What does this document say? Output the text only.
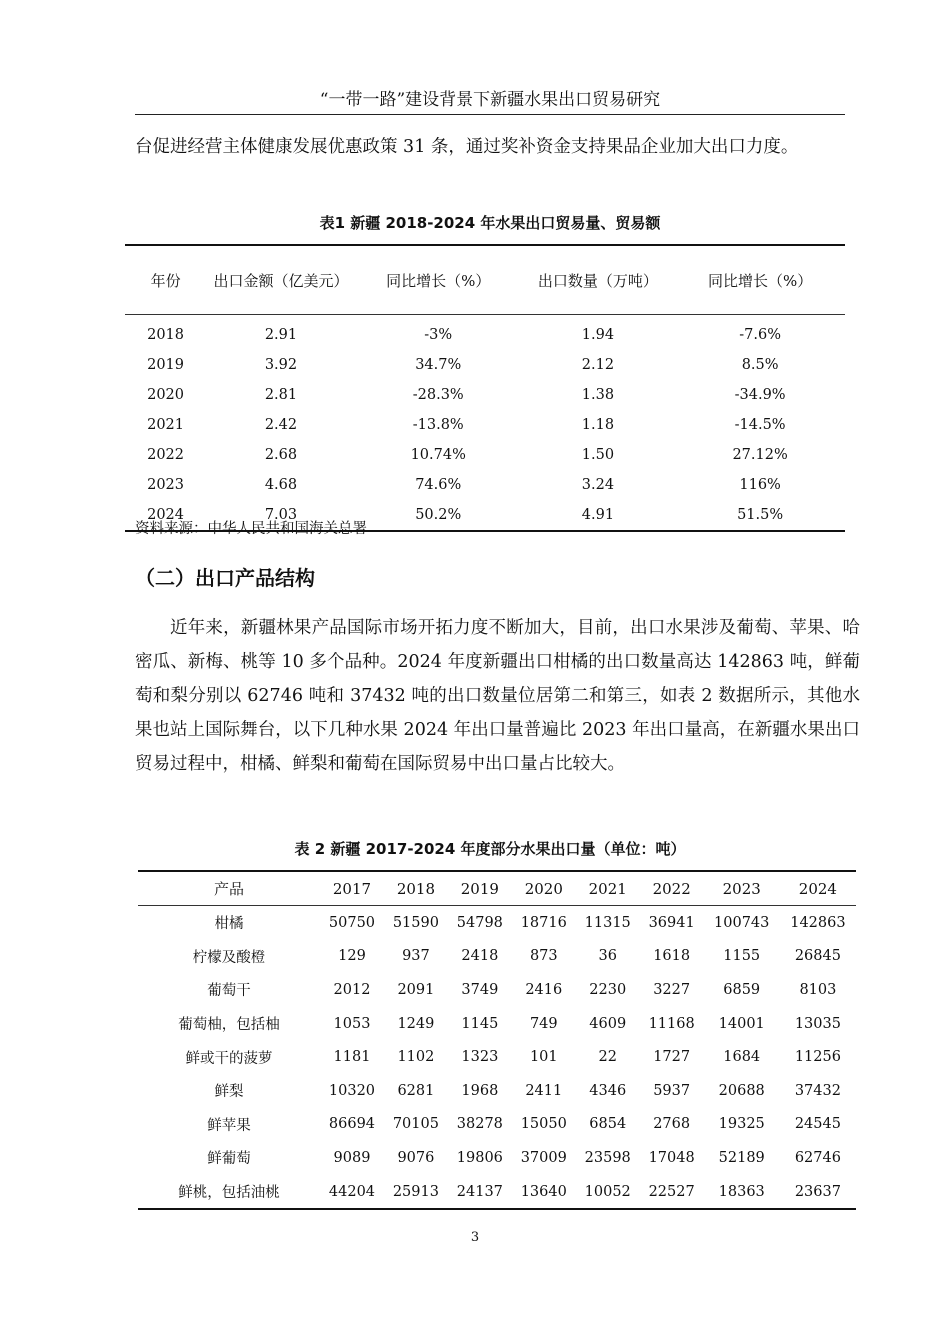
“一带一路”建设背景下新疆水果出口贸易研究

台促进经营主体健康发展优惠政策 31 条，通过奖补资金支持果品企业加大出口力度。

表1 新疆 2018-2024 年水果出口贸易量、贸易额
年份	出口金额（亿美元）	同比增长（%）	出口数量（万吨）	同比增长（%）
2018	2.91	-3%	1.94	-7.6%
2019	3.92	34.7%	2.12	8.5%
2020	2.81	-28.3%	1.38	-34.9%
2021	2.42	-13.8%	1.18	-14.5%
2022	2.68	10.74%	1.50	27.12%
2023	4.68	74.6%	3.24	116%
2024	7.03	50.2%	4.91	51.5%
资料来源：中华人民共和国海关总署
（二）出口产品结构

近年来，新疆林果产品国际市场开拓力度不断加大，目前，出口水果涉及葡萄、苹果、哈密瓜、新梅、桃等 10 多个品种。2024 年度新疆出口柑橘的出口数量高达 142863 吨，鲜葡萄和梨分别以 62746 吨和 37432 吨的出口数量位居第二和第三，如表 2 数据所示，其他水果也站上国际舞台，以下几种水果 2024 年出口量普遍比 2023 年出口量高，在新疆水果出口贸易过程中，柑橘、鲜梨和葡萄在国际贸易中出口量占比较大。

表 2 新疆 2017-2024 年度部分水果出口量（单位：吨）
产品	2017	2018	2019	2020	2021	2022	2023	2024
柑橘	50750	51590	54798	18716	11315	36941	100743	142863
柠檬及酸橙	129	937	2418	873	36	1618	1155	26845
葡萄干	2012	2091	3749	2416	2230	3227	6859	8103
葡萄柚，包括柚	1053	1249	1145	749	4609	11168	14001	13035
鲜或干的菠萝	1181	1102	1323	101	22	1727	1684	11256
鲜梨	10320	6281	1968	2411	4346	5937	20688	37432
鲜苹果	86694	70105	38278	15050	6854	2768	19325	24545
鲜葡萄	9089	9076	19806	37009	23598	17048	52189	62746
鲜桃，包括油桃	44204	25913	24137	13640	10052	22527	18363	23637
3
